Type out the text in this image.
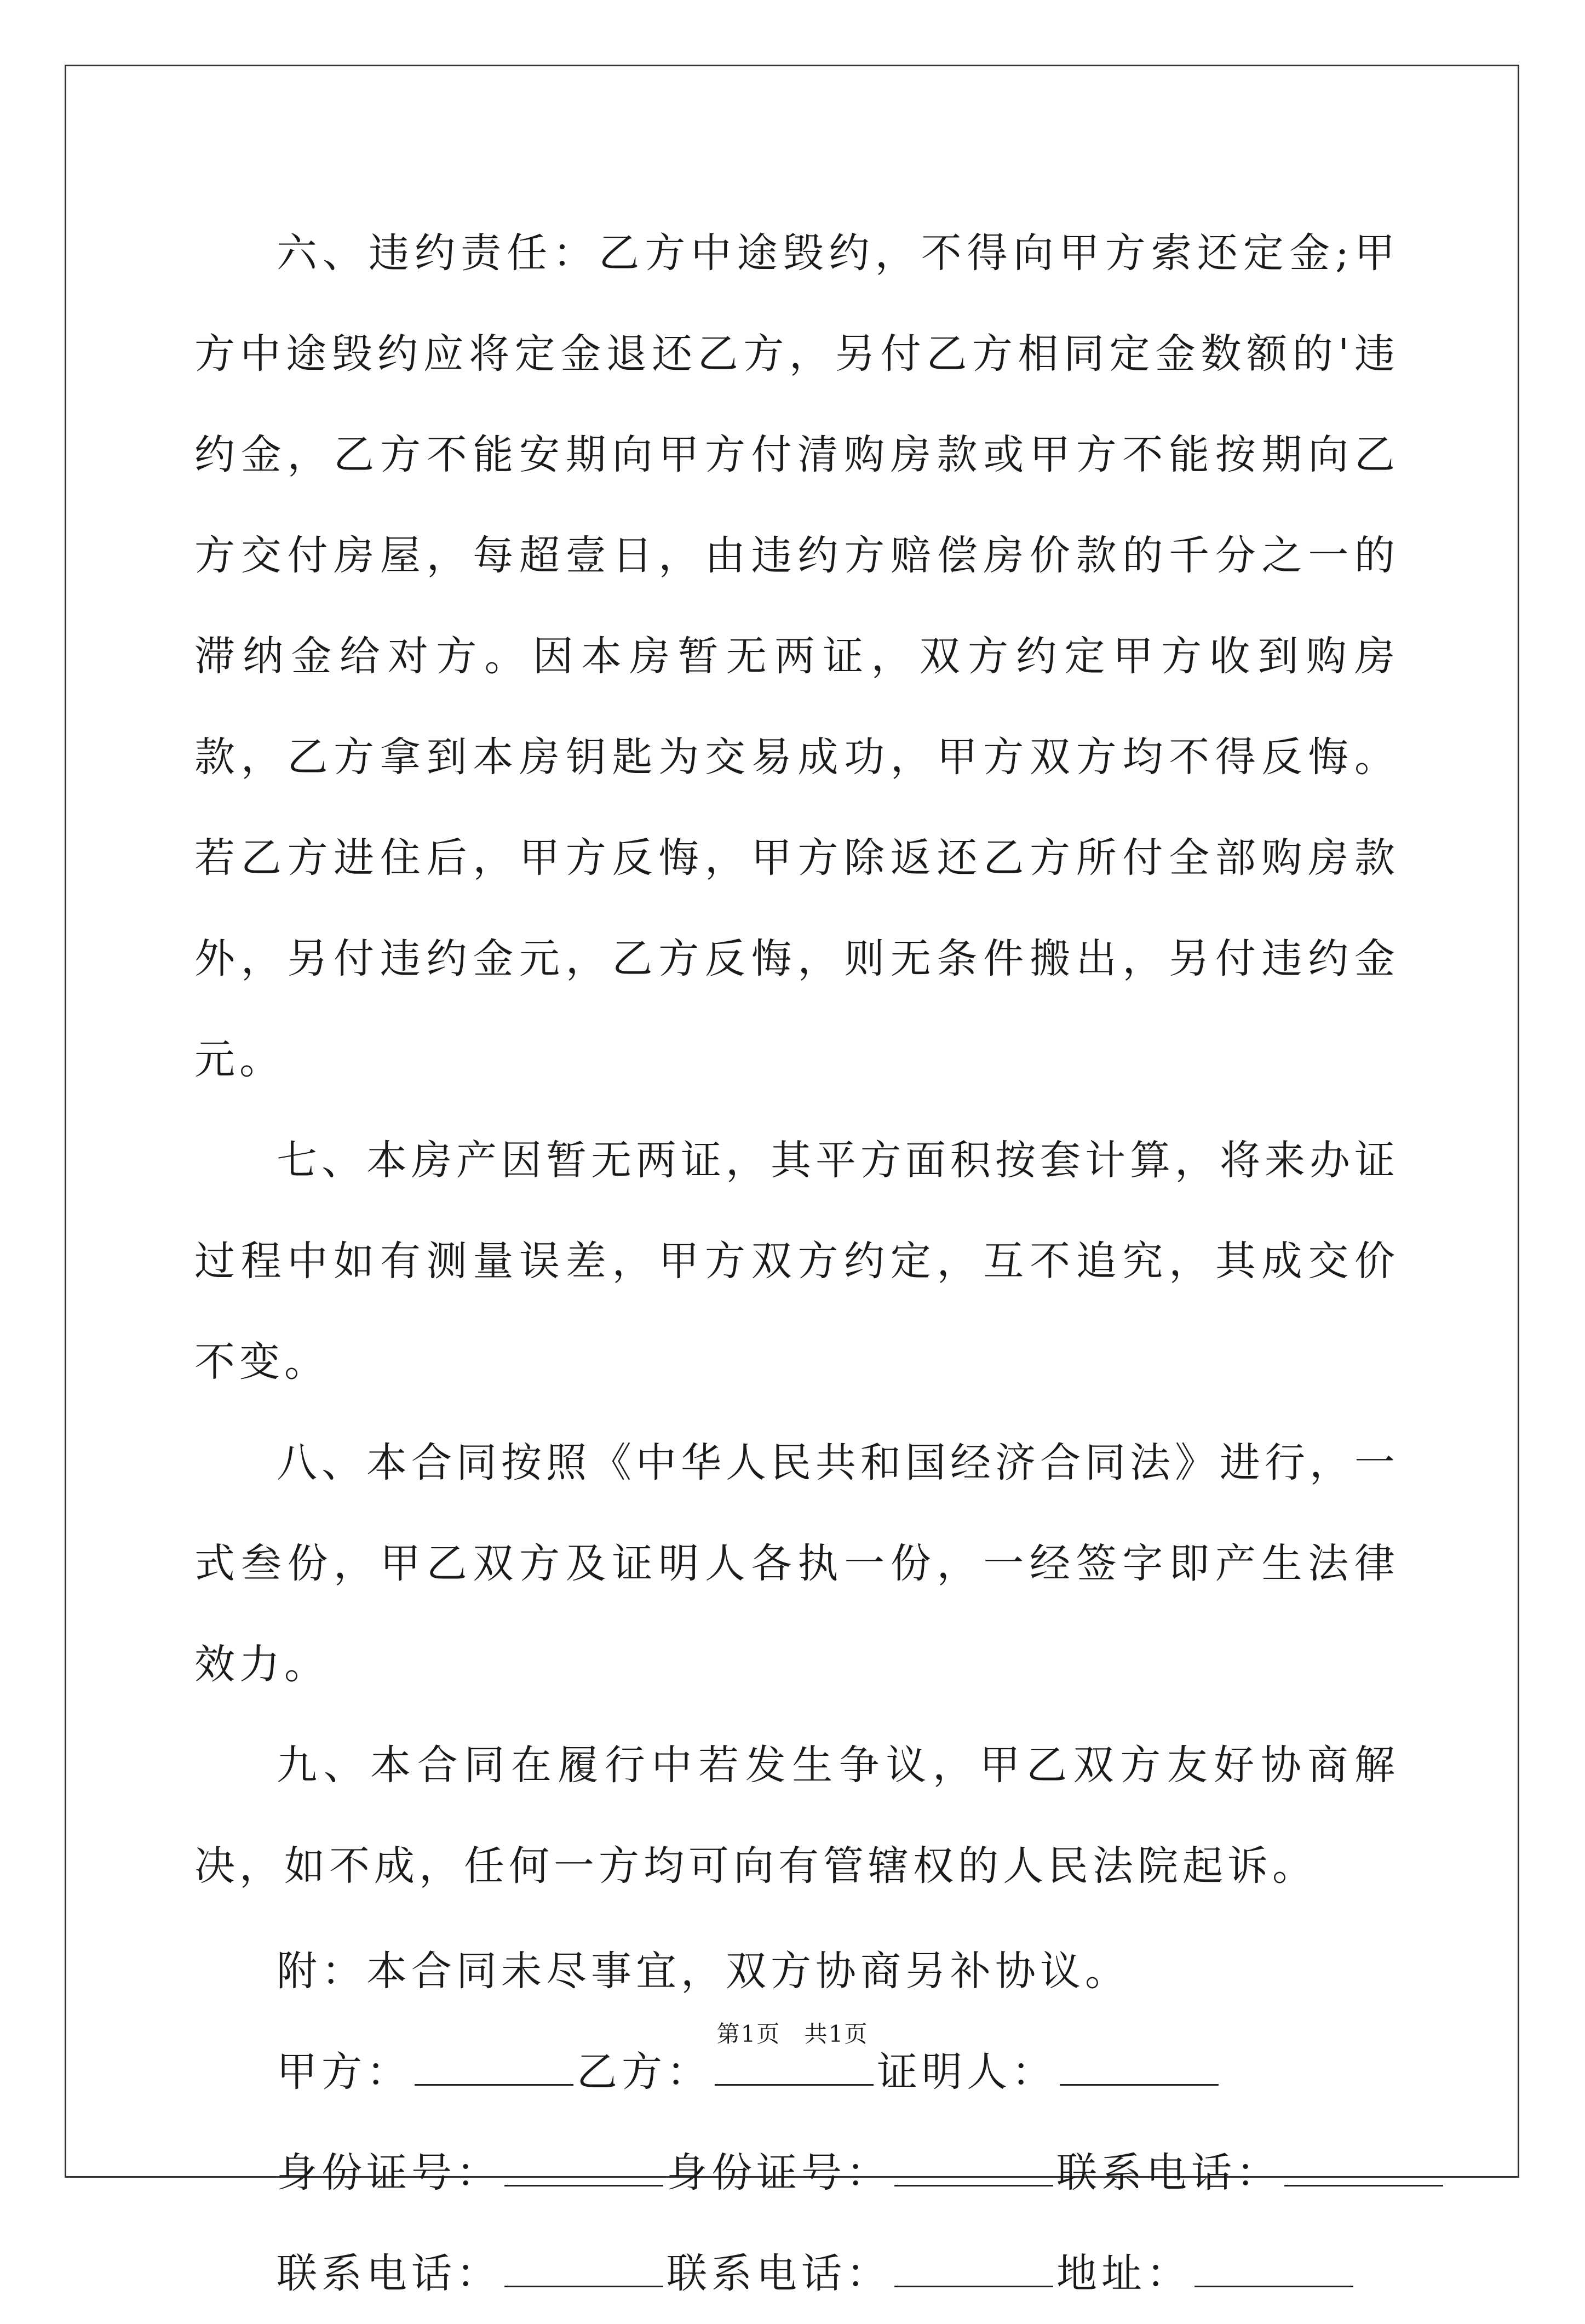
六、违约责任：乙方中途毁约，不得向甲方索还定金;甲方中途毁约应将定金退还乙方，另付乙方相同定金数额的'违约金，乙方不能安期向甲方付清购房款或甲方不能按期向乙方交付房屋，每超壹日，由违约方赔偿房价款的千分之一的滞纳金给对方。因本房暂无两证，双方约定甲方收到购房款，乙方拿到本房钥匙为交易成功，甲方双方均不得反悔。若乙方进住后，甲方反悔，甲方除返还乙方所付全部购房款外，另付违约金元，乙方反悔，则无条件搬出，另付违约金元。

七、本房产因暂无两证，其平方面积按套计算，将来办证过程中如有测量误差，甲方双方约定，互不追究，其成交价不变。

八、本合同按照《中华人民共和国经济合同法》进行，一式叁份，甲乙双方及证明人各执一份，一经签字即产生法律效力。

九、本合同在履行中若发生争议，甲乙双方友好协商解决，如不成，任何一方均可向有管辖权的人民法院起诉。

附：本合同未尽事宜，双方协商另补协议。
甲方：	乙方：	证明人：
身份证号：	身份证号：	联系电话：
联系电话：	联系电话：	地址：
第1页 共1页
